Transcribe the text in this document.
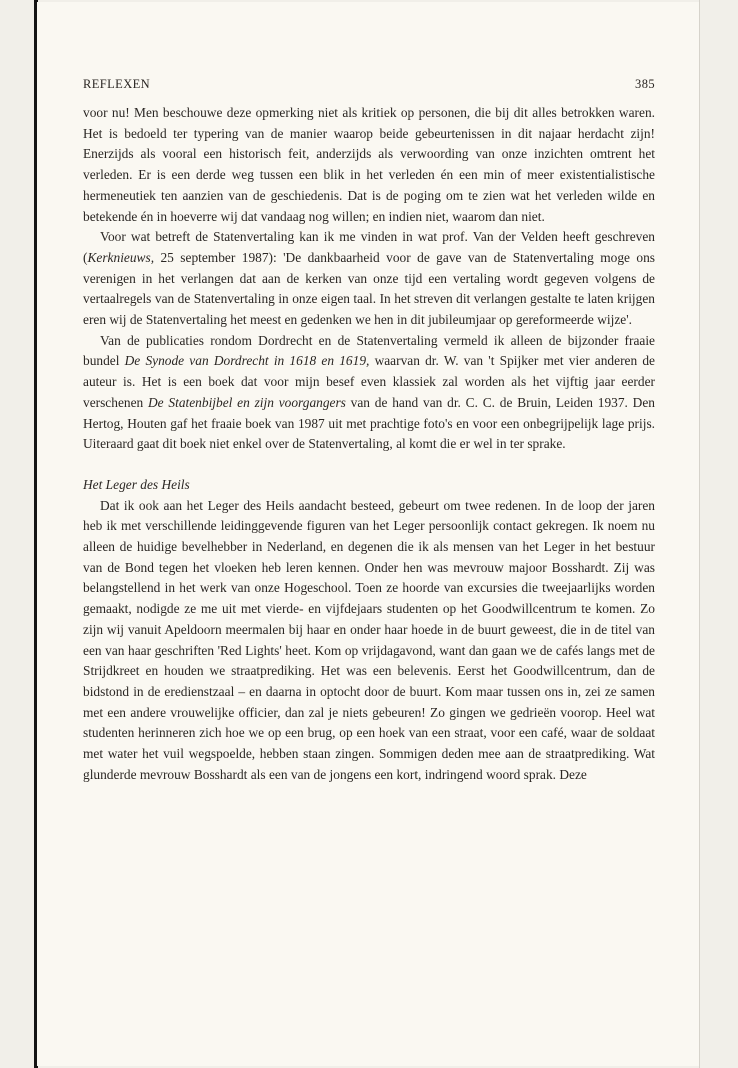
REFLEXEN	385

voor nu! Men beschouwe deze opmerking niet als kritiek op personen, die bij dit alles betrokken waren. Het is bedoeld ter typering van de manier waarop beide gebeurtenissen in dit najaar herdacht zijn! Enerzijds als vooral een historisch feit, anderzijds als verwoording van onze inzichten omtrent het verleden. Er is een derde weg tussen een blik in het verleden én een min of meer existentialistische hermeneutiek ten aanzien van de geschiedenis. Dat is de poging om te zien wat het verleden wilde en betekende én in hoeverre wij dat vandaag nog willen; en indien niet, waarom dan niet.

Voor wat betreft de Statenvertaling kan ik me vinden in wat prof. Van der Velden heeft geschreven (Kerknieuws, 25 september 1987): 'De dankbaarheid voor de gave van de Statenvertaling moge ons verenigen in het verlangen dat aan de kerken van onze tijd een vertaling wordt gegeven volgens de vertaalregels van de Statenvertaling in onze eigen taal. In het streven dit verlangen gestalte te laten krijgen eren wij de Statenvertaling het meest en gedenken we hen in dit jubileumjaar op gereformeerde wijze'.

Van de publicaties rondom Dordrecht en de Statenvertaling vermeld ik alleen de bijzonder fraaie bundel De Synode van Dordrecht in 1618 en 1619, waarvan dr. W. van 't Spijker met vier anderen de auteur is. Het is een boek dat voor mijn besef even klassiek zal worden als het vijftig jaar eerder verschenen De Statenbijbel en zijn voorgangers van de hand van dr. C. C. de Bruin, Leiden 1937. Den Hertog, Houten gaf het fraaie boek van 1987 uit met prachtige foto's en voor een onbegrijpelijk lage prijs. Uiteraard gaat dit boek niet enkel over de Statenvertaling, al komt die er wel in ter sprake.

Het Leger des Heils

Dat ik ook aan het Leger des Heils aandacht besteed, gebeurt om twee redenen. In de loop der jaren heb ik met verschillende leidinggevende figuren van het Leger persoonlijk contact gekregen. Ik noem nu alleen de huidige bevelhebber in Nederland, en degenen die ik als mensen van het Leger in het bestuur van de Bond tegen het vloeken heb leren kennen. Onder hen was mevrouw majoor Bosshardt. Zij was belangstellend in het werk van onze Hogeschool. Toen ze hoorde van excursies die tweejaarlijks worden gemaakt, nodigde ze me uit met vierde- en vijfdejaars studenten op het Goodwillcentrum te komen. Zo zijn wij vanuit Apeldoorn meermalen bij haar en onder haar hoede in de buurt geweest, die in de titel van een van haar geschriften 'Red Lights' heet. Kom op vrijdagavond, want dan gaan we de cafés langs met de Strijdkreet en houden we straatprediking. Het was een belevenis. Eerst het Goodwillcentrum, dan de bidstond in de eredienstzaal – en daarna in optocht door de buurt. Kom maar tussen ons in, zei ze samen met een andere vrouwelijke officier, dan zal je niets gebeuren! Zo gingen we gedrieën voorop. Heel wat studenten herinneren zich hoe we op een brug, op een hoek van een straat, voor een café, waar de soldaat met water het vuil wegspoelde, hebben staan zingen. Sommigen deden mee aan de straatprediking. Wat glunderde mevrouw Bosshardt als een van de jongens een kort, indringend woord sprak. Deze
